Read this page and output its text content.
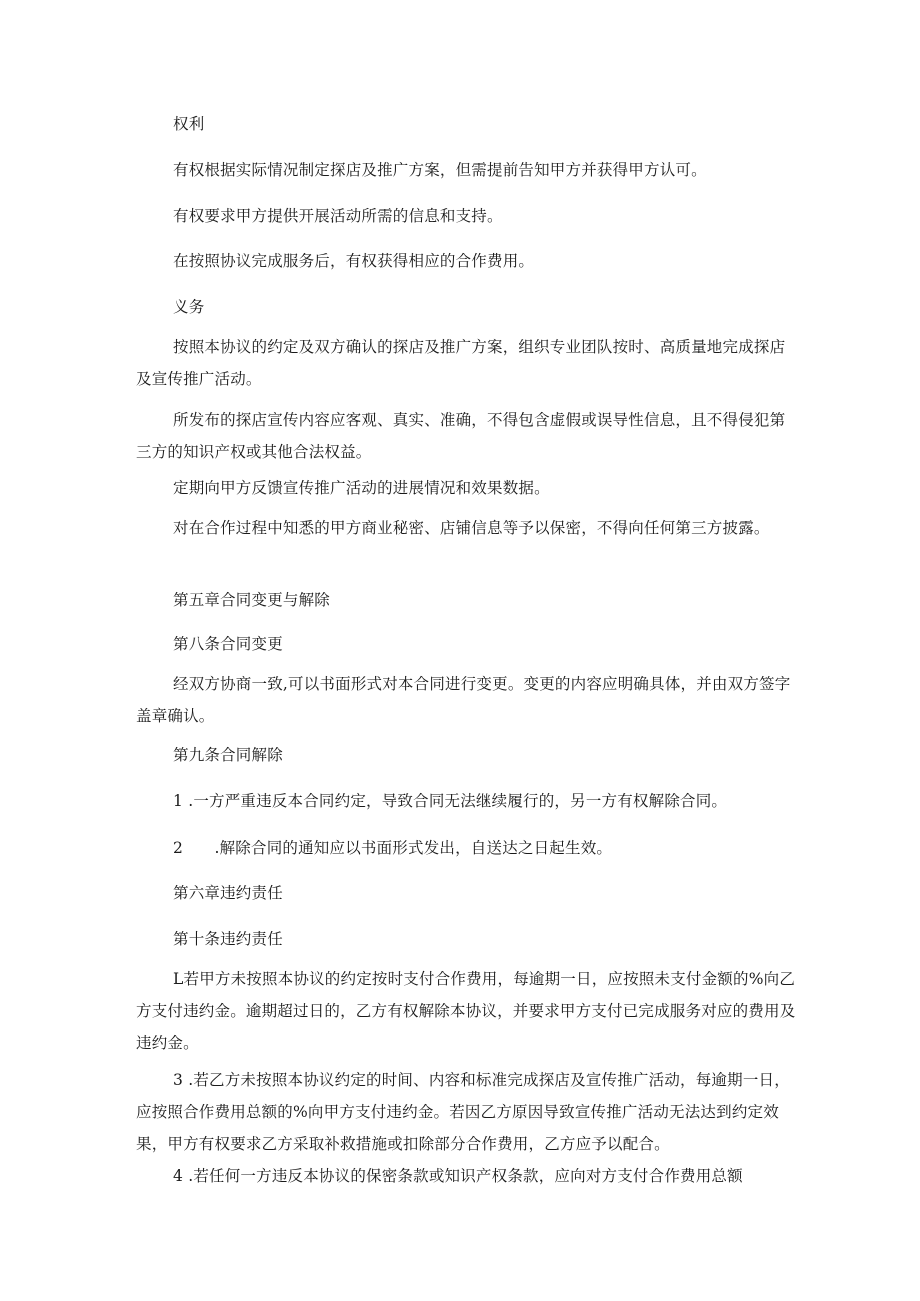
权利

有权根据实际情况制定探店及推广方案，但需提前告知甲方并获得甲方认可。

有权要求甲方提供开展活动所需的信息和支持。

在按照协议完成服务后，有权获得相应的合作费用。

义务

按照本协议的约定及双方确认的探店及推广方案，组织专业团队按时、高质量地完成探店及宣传推广活动。

所发布的探店宣传内容应客观、真实、准确，不得包含虚假或误导性信息，且不得侵犯第三方的知识产权或其他合法权益。

定期向甲方反馈宣传推广活动的进展情况和效果数据。

对在合作过程中知悉的甲方商业秘密、店铺信息等予以保密，不得向任何第三方披露。

第五章合同变更与解除

第八条合同变更

经双方协商一致,可以书面形式对本合同进行变更。变更的内容应明确具体，并由双方签字盖章确认。

第九条合同解除

1 .一方严重违反本合同约定，导致合同无法继续履行的，另一方有权解除合同。

2　　.解除合同的通知应以书面形式发出，自送达之日起生效。

第六章违约责任

第十条违约责任

L若甲方未按照本协议的约定按时支付合作费用，每逾期一日，应按照未支付金额的%向乙方支付违约金。逾期超过日的，乙方有权解除本协议，并要求甲方支付已完成服务对应的费用及违约金。

3 .若乙方未按照本协议约定的时间、内容和标准完成探店及宣传推广活动，每逾期一日，应按照合作费用总额的%向甲方支付违约金。若因乙方原因导致宣传推广活动无法达到约定效果，甲方有权要求乙方采取补救措施或扣除部分合作费用，乙方应予以配合。

4 .若任何一方违反本协议的保密条款或知识产权条款，应向对方支付合作费用总额
